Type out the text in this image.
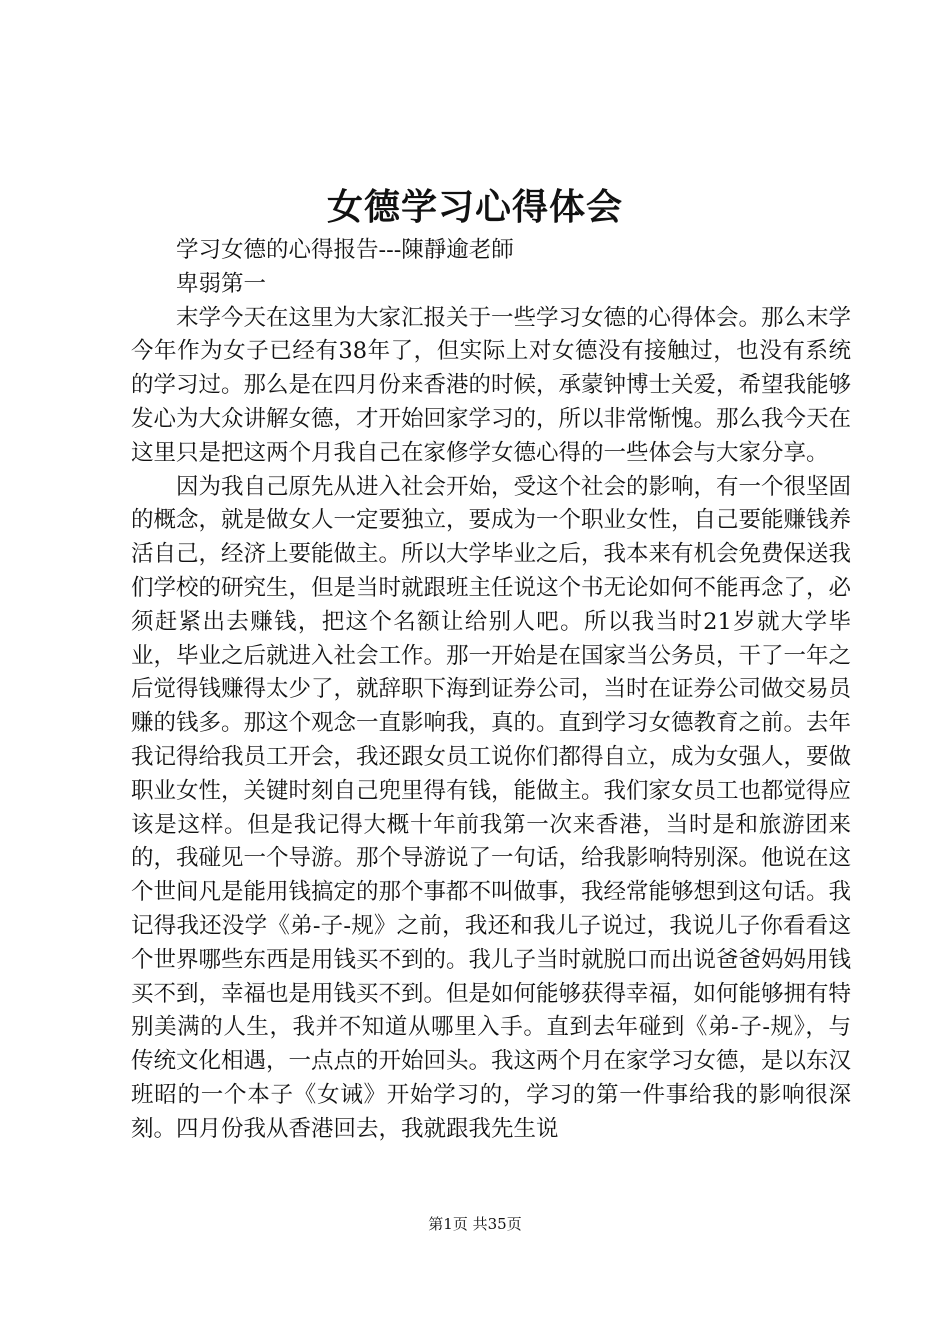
女德学习心得体会

学习女德的心得报告---陳靜逾老師

卑弱第一

末学今天在这里为大家汇报关于一些学习女德的心得体会。那么末学今年作为女子已经有38年了，但实际上对女德没有接触过，也没有系统的学习过。那么是在四月份来香港的时候，承蒙钟博士关爱，希望我能够发心为大众讲解女德，才开始回家学习的，所以非常惭愧。那么我今天在这里只是把这两个月我自己在家修学女德心得的一些体会与大家分享。

因为我自己原先从进入社会开始，受这个社会的影响，有一个很坚固的概念，就是做女人一定要独立，要成为一个职业女性，自己要能赚钱养活自己，经济上要能做主。所以大学毕业之后，我本来有机会免费保送我们学校的研究生，但是当时就跟班主任说这个书无论如何不能再念了，必须赶紧出去赚钱，把这个名额让给别人吧。所以我当时21岁就大学毕业，毕业之后就进入社会工作。那一开始是在国家当公务员，干了一年之后觉得钱赚得太少了，就辞职下海到证券公司，当时在证券公司做交易员赚的钱多。那这个观念一直影响我，真的。直到学习女德教育之前。去年我记得给我员工开会，我还跟女员工说你们都得自立，成为女强人，要做职业女性，关键时刻自己兜里得有钱，能做主。我们家女员工也都觉得应该是这样。但是我记得大概十年前我第一次来香港，当时是和旅游团来的，我碰见一个导游。那个导游说了一句话，给我影响特别深。他说在这个世间凡是能用钱搞定的那个事都不叫做事，我经常能够想到这句话。我记得我还没学《弟-子-规》之前，我还和我儿子说过，我说儿子你看看这个世界哪些东西是用钱买不到的。我儿子当时就脱口而出说爸爸妈妈用钱买不到，幸福也是用钱买不到。但是如何能够获得幸福，如何能够拥有特别美满的人生，我并不知道从哪里入手。直到去年碰到《弟-子-规》，与传统文化相遇，一点点的开始回头。我这两个月在家学习女德，是以东汉班昭的一个本子《女诫》开始学习的，学习的第一件事给我的影响很深刻。四月份我从香港回去，我就跟我先生说

第1页 共35页
